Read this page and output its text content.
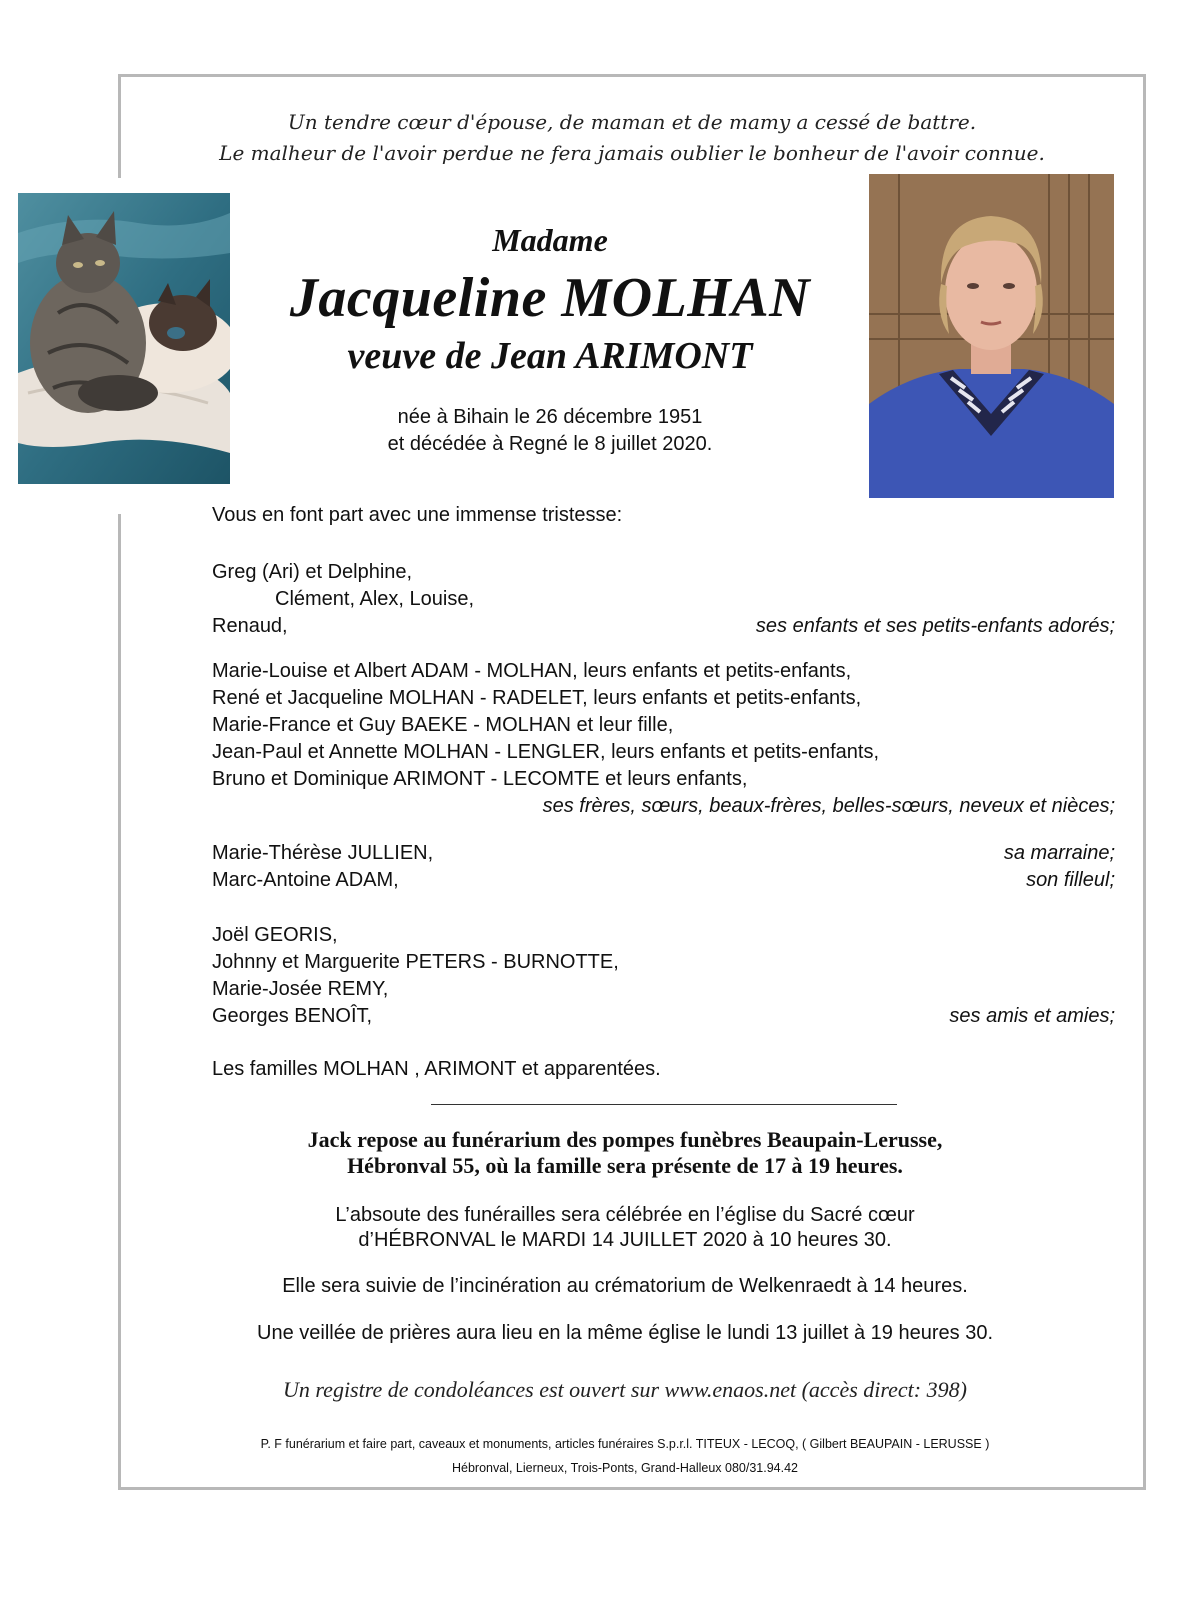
Un tendre cœur d'épouse, de maman et de mamy a cessé de battre.
Le malheur de l'avoir perdue ne fera jamais oublier le bonheur de l'avoir connue.
Madame
Jacqueline MOLHAN
veuve de Jean ARIMONT
née à Bihain le 26 décembre 1951
et décédée à Regné le 8 juillet 2020.
Vous en font part avec une immense tristesse:
Greg (Ari) et Delphine,
Clément, Alex, Louise,
Renaud,	ses enfants et ses petits-enfants adorés;
Marie-Louise et Albert ADAM - MOLHAN, leurs enfants et petits-enfants,
René et Jacqueline MOLHAN - RADELET, leurs enfants et petits-enfants,
Marie-France et Guy BAEKE - MOLHAN et leur fille,
Jean-Paul et Annette MOLHAN - LENGLER, leurs enfants et petits-enfants,
Bruno et Dominique ARIMONT - LECOMTE et leurs enfants,
ses frères, sœurs, beaux-frères, belles-sœurs, neveux et nièces;
Marie-Thérèse JULLIEN,	sa marraine;
Marc-Antoine ADAM,	son filleul;
Joël GEORIS,
Johnny et Marguerite PETERS - BURNOTTE,
Marie-Josée REMY,
Georges BENOÎT,	ses amis et amies;
Les familles MOLHAN , ARIMONT et apparentées.
Jack repose au funérarium des pompes funèbres Beaupain-Lerusse,
Hébronval 55, où la famille sera présente de 17 à 19 heures.
L’absoute des funérailles sera célébrée en l’église du Sacré cœur
d’HÉBRONVAL le MARDI 14 JUILLET 2020 à 10 heures 30.
Elle sera suivie de l’incinération au crématorium de Welkenraedt à 14 heures.
Une veillée de prières aura lieu en la même église le lundi 13 juillet à 19 heures 30.
Un registre de condoléances est ouvert sur www.enaos.net (accès direct: 398)
P. F funérarium et faire part, caveaux et monuments, articles funéraires S.p.r.l. TITEUX - LECOQ, ( Gilbert BEAUPAIN - LERUSSE )
Hébronval, Lierneux, Trois-Ponts, Grand-Halleux 080/31.94.42
